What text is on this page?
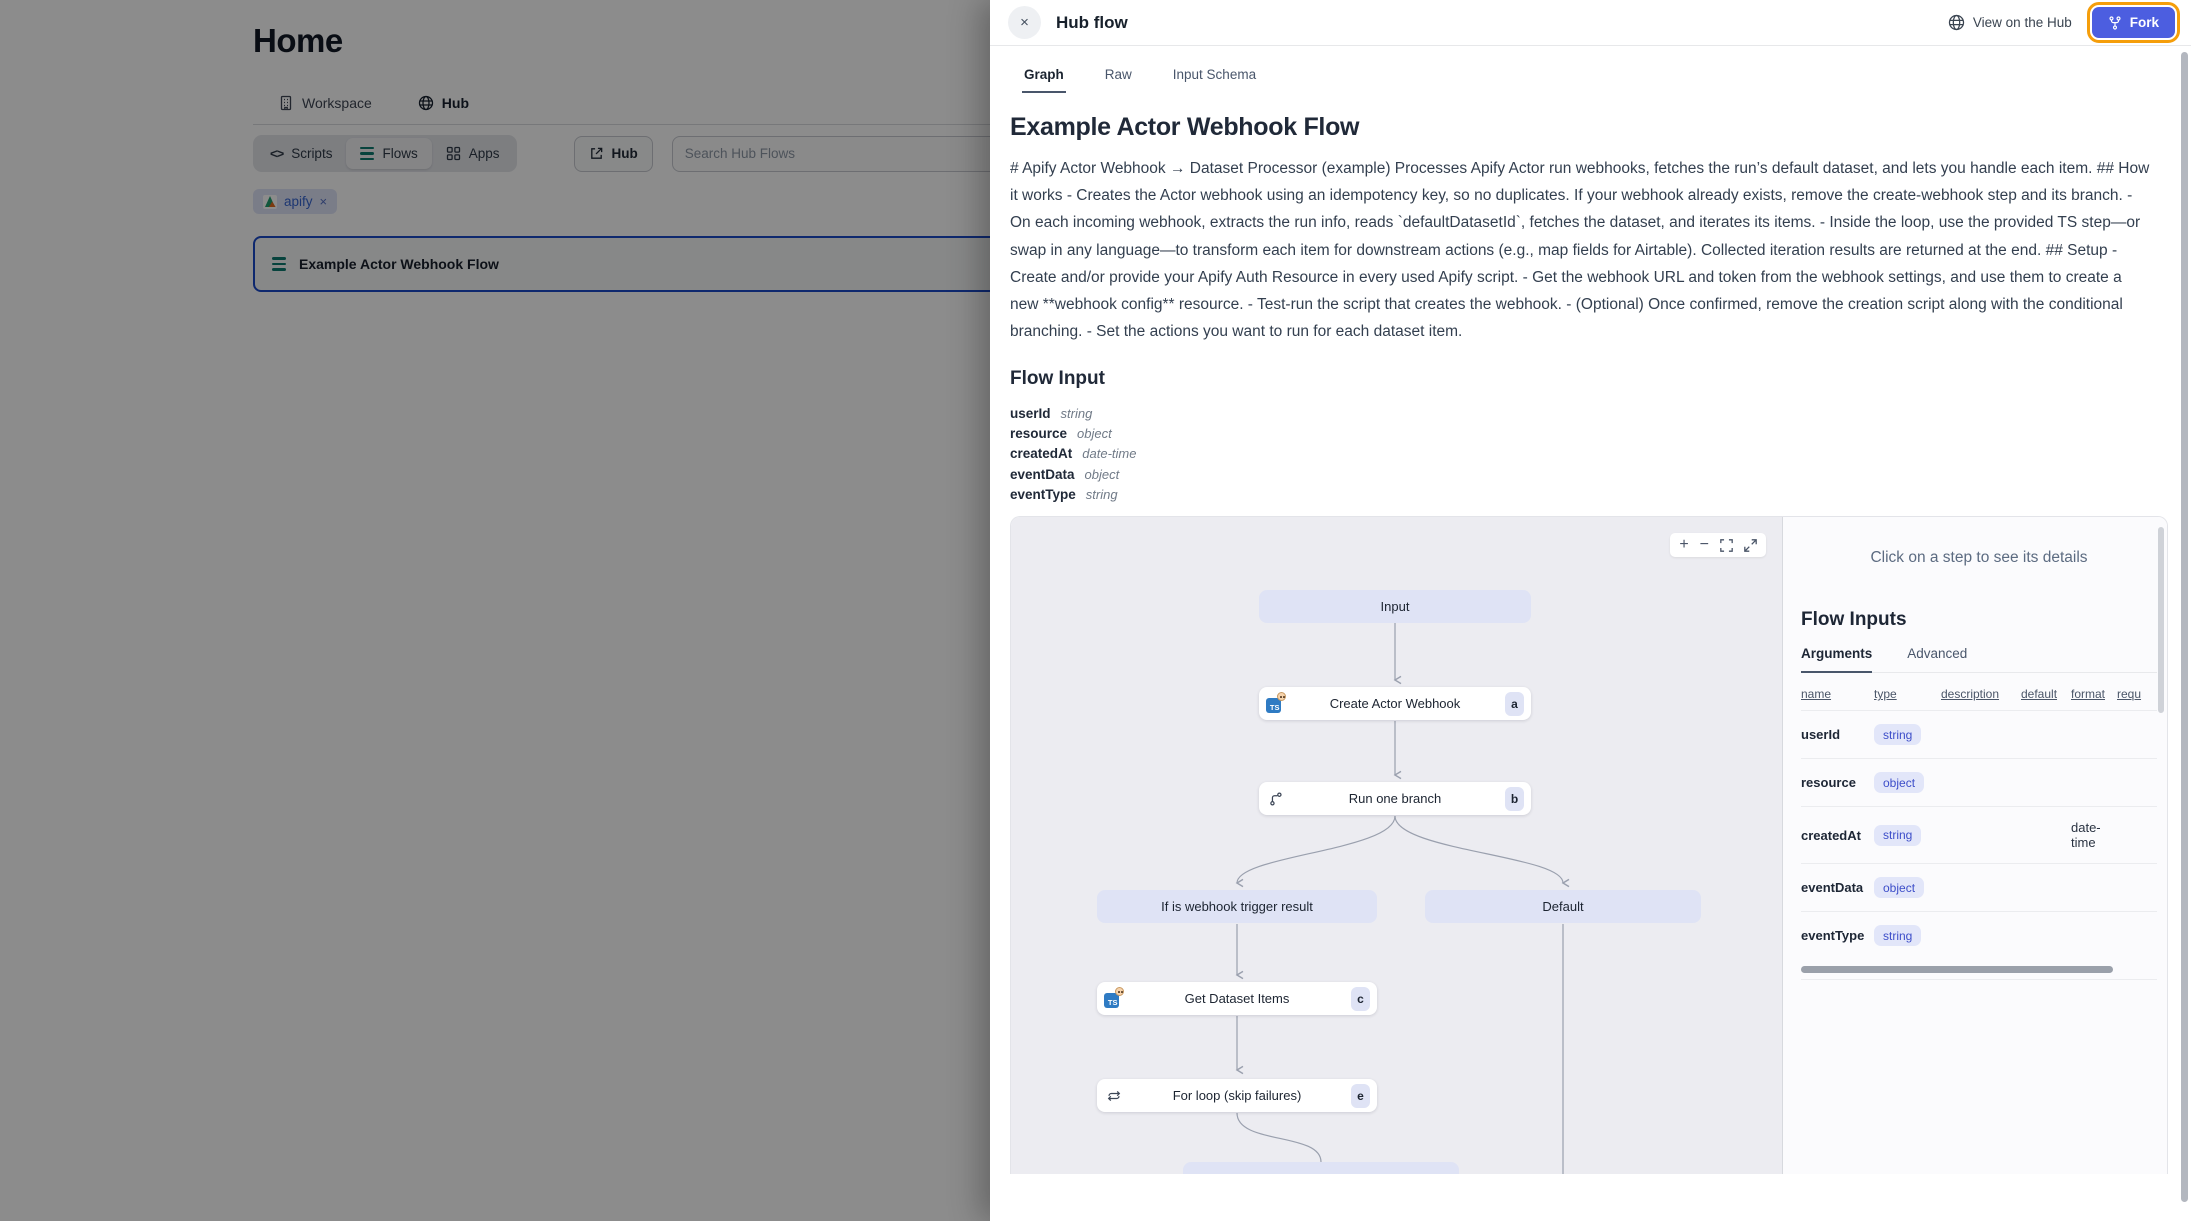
Home
Workspace	Hub
<> Scripts	Flows	Apps	Hub
Search Hub Flows
apify ×
Example Actor Webhook Flow
×	Hub flow	View on the Hub	Fork
Graph	Raw	Input Schema
Example Actor Webhook Flow
# Apify Actor Webhook → Dataset Processor (example) Processes Apify Actor run webhooks, fetches the run’s default dataset, and lets you handle each item. ## How it works - Creates the Actor webhook using an idempotency key, so no duplicates. If your webhook already exists, remove the create-webhook step and its branch. - On each incoming webhook, extracts the run info, reads `defaultDatasetId`, fetches the dataset, and iterates its items. - Inside the loop, use the provided TS step—or swap in any language—to transform each item for downstream actions (e.g., map fields for Airtable). Collected iteration results are returned at the end. ## Setup - Create and/or provide your Apify Auth Resource in every used Apify script. - Get the webhook URL and token from the webhook settings, and use them to create a new **webhook config** resource. - Test-run the script that creates the webhook. - (Optional) Once confirmed, remove the creation script along with the conditional branching. - Set the actions you want to run for each dataset item.
Flow Input
userId string
resource object
createdAt date-time
eventData object
eventType string
+ −
Input
TS	Create Actor Webhook	a
Run one branch	b
If is webhook trigger result	Default
TS	Get Dataset Items	c
For loop (skip failures)	e
Click on a step to see its details
Flow Inputs
Arguments	Advanced
name	type	description	default	format	requ
userId	string				
resource	object				
createdAt	string			date-time	
eventData	object				
eventType	string				
